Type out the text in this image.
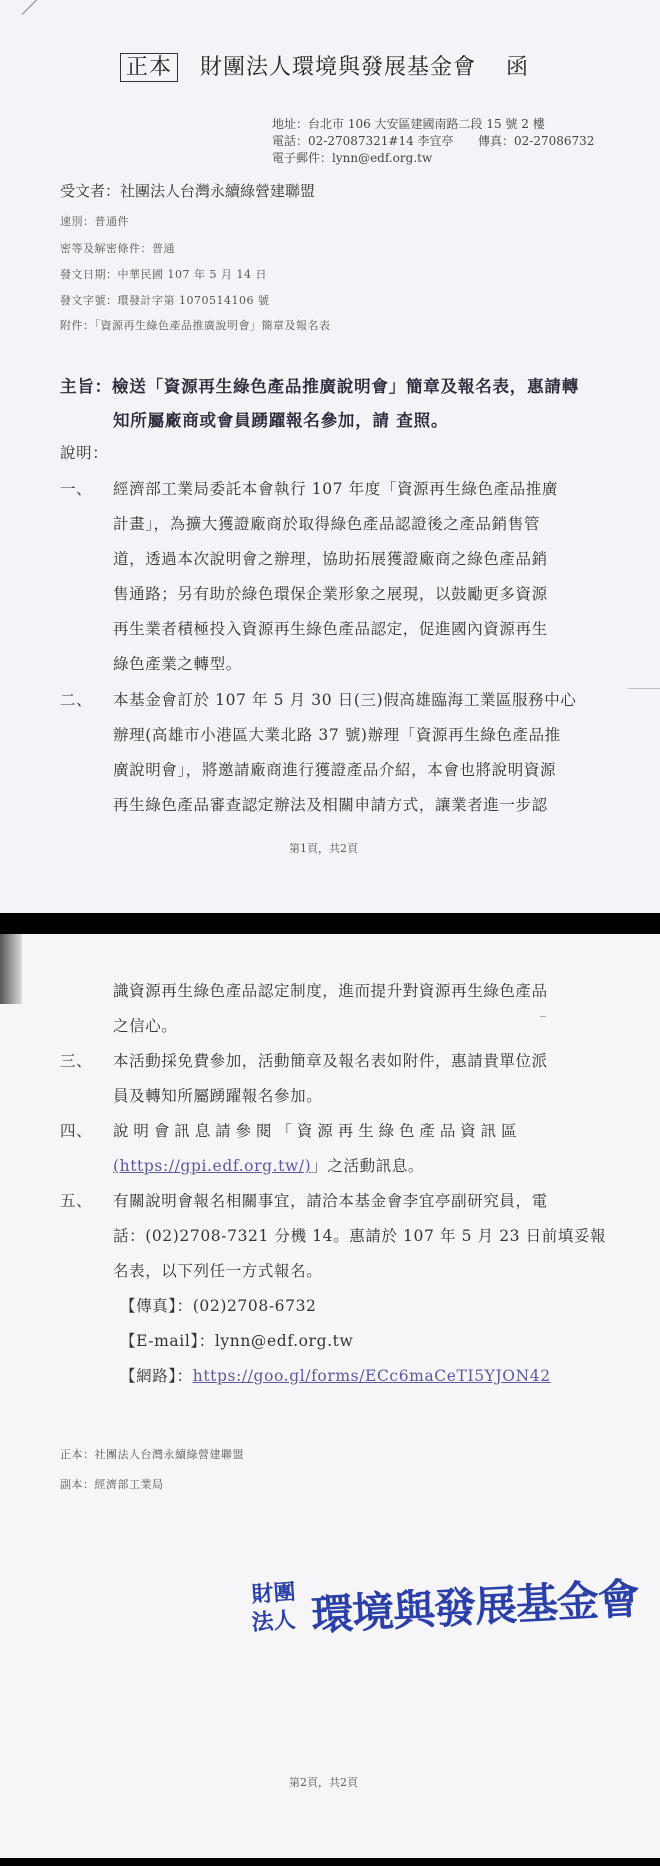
正本 財團法人環境與發展基金會 函
地址：台北市 106 大安區建國南路二段 15 號 2 樓
電話：02-27087321#14 李宜亭 傳真：02-27086732
電子郵件：lynn@edf.org.tw
受文者：社團法人台灣永續綠營建聯盟
速別：普通件
密等及解密條件：普通
發文日期：中華民國 107 年 5 月 14 日
發文字號：環發計字第 1070514106 號
附件：「資源再生綠色產品推廣說明會」簡章及報名表
主旨：檢送「資源再生綠色產品推廣說明會」簡章及報名表，惠請轉
知所屬廠商或會員踴躍報名參加，請 查照。
說明：
一、 經濟部工業局委託本會執行 107 年度「資源再生綠色產品推廣
計畫」，為擴大獲證廠商於取得綠色產品認證後之產品銷售管
道，透過本次說明會之辦理，協助拓展獲證廠商之綠色產品銷
售通路；另有助於綠色環保企業形象之展現，以鼓勵更多資源
再生業者積極投入資源再生綠色產品認定，促進國內資源再生
綠色產業之轉型。
二、 本基金會訂於 107 年 5 月 30 日(三)假高雄臨海工業區服務中心
辦理(高雄市小港區大業北路 37 號)辦理「資源再生綠色產品推
廣說明會」，將邀請廠商進行獲證產品介紹，本會也將說明資源
再生綠色產品審查認定辦法及相關申請方式，讓業者進一步認
第1頁，共2頁
識資源再生綠色產品認定制度，進而提升對資源再生綠色產品
之信心。
三、 本活動採免費參加，活動簡章及報名表如附件，惠請貴單位派
員及轉知所屬踴躍報名參加。
四、 說 明 會 訊 息 請 參 閱 「 資 源 再 生 綠 色 產 品 資 訊 區
(https://gpi.edf.org.tw/)」之活動訊息。
五、 有關說明會報名相關事宜，請洽本基金會李宜亭副研究員，電
話：(02)2708-7321 分機 14。惠請於 107 年 5 月 23 日前填妥報
名表，以下列任一方式報名。
【傳真】：(02)2708-6732
【E-mail】：lynn@edf.org.tw
【網路】：https://goo.gl/forms/ECc6maCeTI5YJON42
正本：社團法人台灣永續綠營建聯盟
副本：經濟部工業局
第2頁，共2頁
財團
法人 環境與發展基金會
